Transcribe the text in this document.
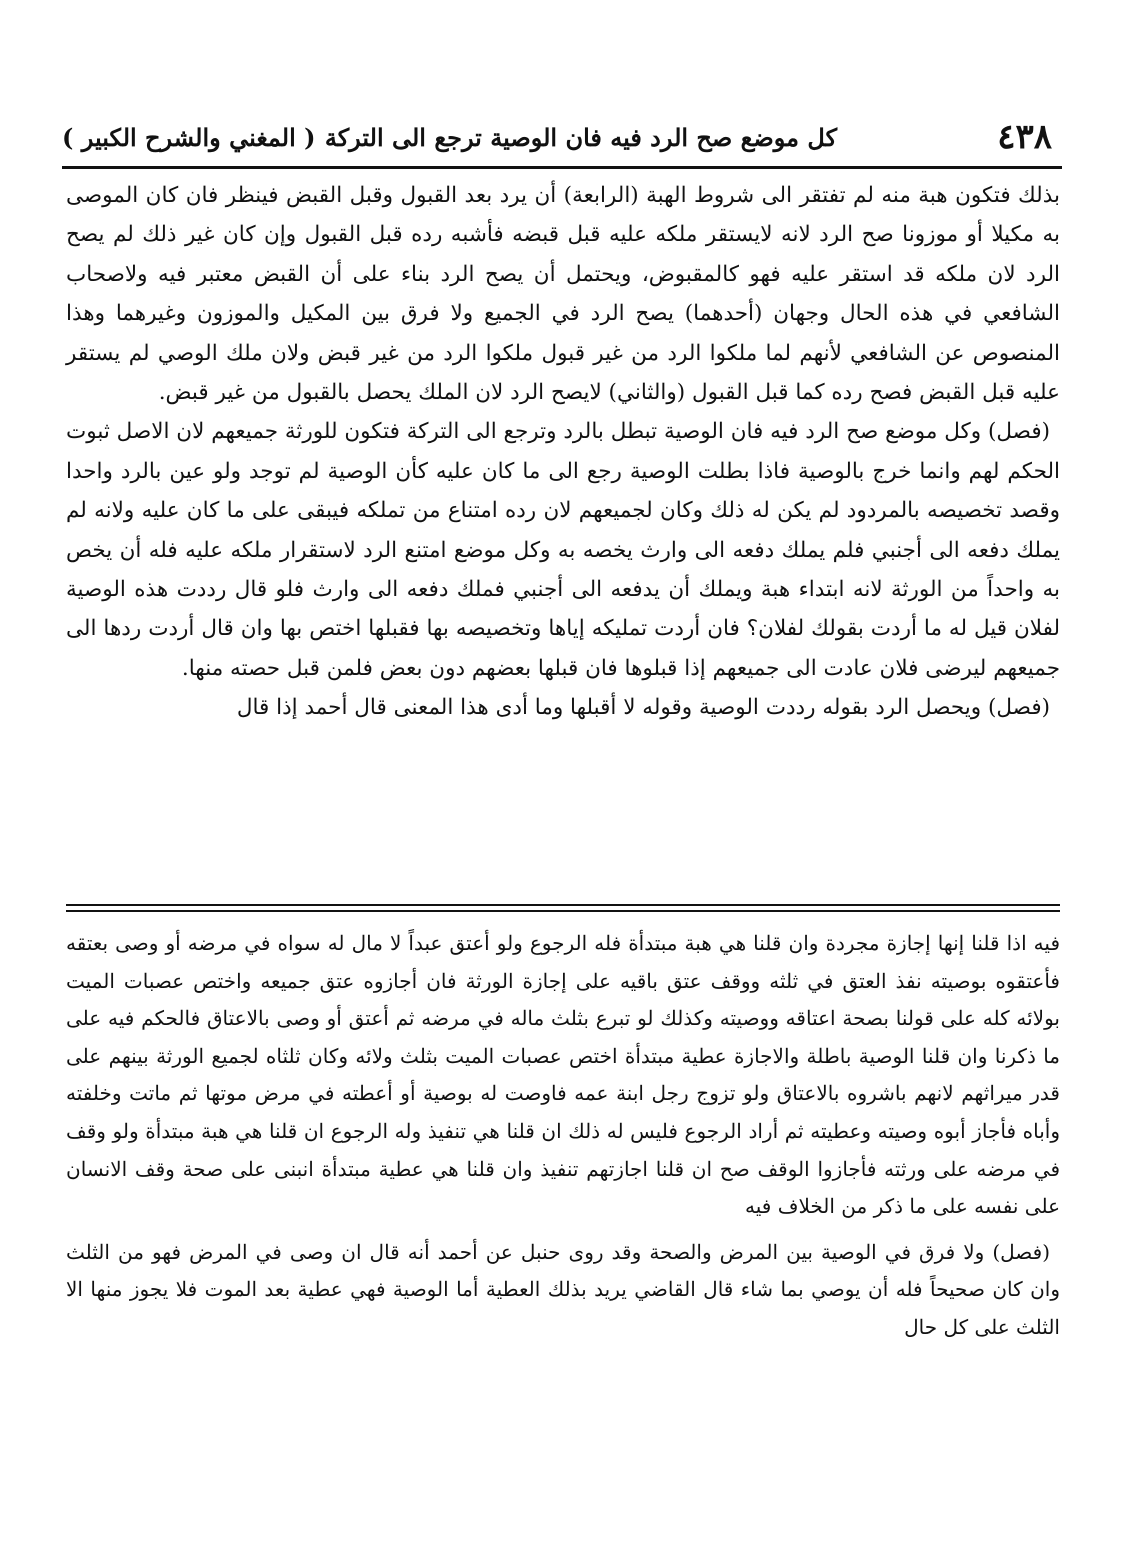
٤٣٨
كل موضع صح الرد فيه فان الوصية ترجع الى التركة
( المغني والشرح الكبير )

بذلك فتكون هبة منه لم تفتقر الى شروط الهبة (الرابعة) أن يرد بعد القبول وقبل القبض فينظر فان كان الموصى به مكيلا أو موزونا صح الرد لانه لايستقر ملكه عليه قبل قبضه فأشبه رده قبل القبول وإن كان غير ذلك لم يصح الرد لان ملكه قد استقر عليه فهو كالمقبوض، ويحتمل أن يصح الرد بناء على أن القبض معتبر فيه ولاصحاب الشافعي في هذه الحال وجهان (أحدهما) يصح الرد في الجميع ولا فرق بين المكيل والموزون وغيرهما وهذا المنصوص عن الشافعي لأنهم لما ملكوا الرد من غير قبول ملكوا الرد من غير قبض ولان ملك الوصي لم يستقر عليه قبل القبض فصح رده كما قبل القبول (والثاني) لايصح الرد لان الملك يحصل بالقبول من غير قبض.

(فصل) وكل موضع صح الرد فيه فان الوصية تبطل بالرد وترجع الى التركة فتكون للورثة جميعهم لان الاصل ثبوت الحكم لهم وانما خرج بالوصية فاذا بطلت الوصية رجع الى ما كان عليه كأن الوصية لم توجد ولو عين بالرد واحدا وقصد تخصيصه بالمردود لم يكن له ذلك وكان لجميعهم لان رده امتناع من تملكه فيبقى على ما كان عليه ولانه لم يملك دفعه الى أجنبي فلم يملك دفعه الى وارث يخصه به وكل موضع امتنع الرد لاستقرار ملكه عليه فله أن يخص به واحداً من الورثة لانه ابتداء هبة ويملك أن يدفعه الى أجنبي فملك دفعه الى وارث فلو قال رددت هذه الوصية لفلان قيل له ما أردت بقولك لفلان؟ فان أردت تمليكه إياها وتخصيصه بها فقبلها اختص بها وان قال أردت ردها الى جميعهم ليرضى فلان عادت الى جميعهم إذا قبلوها فان قبلها بعضهم دون بعض فلمن قبل حصته منها.

(فصل) ويحصل الرد بقوله رددت الوصية وقوله لا أقبلها وما أدى هذا المعنى قال أحمد إذا قال

فيه اذا قلنا إنها إجازة مجردة وان قلنا هي هبة مبتدأة فله الرجوع ولو أعتق عبداً لا مال له سواه في مرضه أو وصى بعتقه فأعتقوه بوصيته نفذ العتق في ثلثه ووقف عتق باقيه على إجازة الورثة فان أجازوه عتق جميعه واختص عصبات الميت بولائه كله على قولنا بصحة اعتاقه ووصيته وكذلك لو تبرع بثلث ماله في مرضه ثم أعتق أو وصى بالاعتاق فالحكم فيه على ما ذكرنا وان قلنا الوصية باطلة والاجازة عطية مبتدأة اختص عصبات الميت بثلث ولائه وكان ثلثاه لجميع الورثة بينهم على قدر ميراثهم لانهم باشروه بالاعتاق ولو تزوج رجل ابنة عمه فاوصت له بوصية أو أعطته في مرض موتها ثم ماتت وخلفته وأباه فأجاز أبوه وصيته وعطيته ثم أراد الرجوع فليس له ذلك ان قلنا هي تنفيذ وله الرجوع ان قلنا هي هبة مبتدأة ولو وقف في مرضه على ورثته فأجازوا الوقف صح ان قلنا اجازتهم تنفيذ وان قلنا هي عطية مبتدأة انبنى على صحة وقف الانسان على نفسه على ما ذكر من الخلاف فيه

(فصل) ولا فرق في الوصية بين المرض والصحة وقد روى حنبل عن أحمد أنه قال ان وصى في المرض فهو من الثلث وان كان صحيحاً فله أن يوصي بما شاء قال القاضي يريد بذلك العطية أما الوصية فهي عطية بعد الموت فلا يجوز منها الا الثلث على كل حال
